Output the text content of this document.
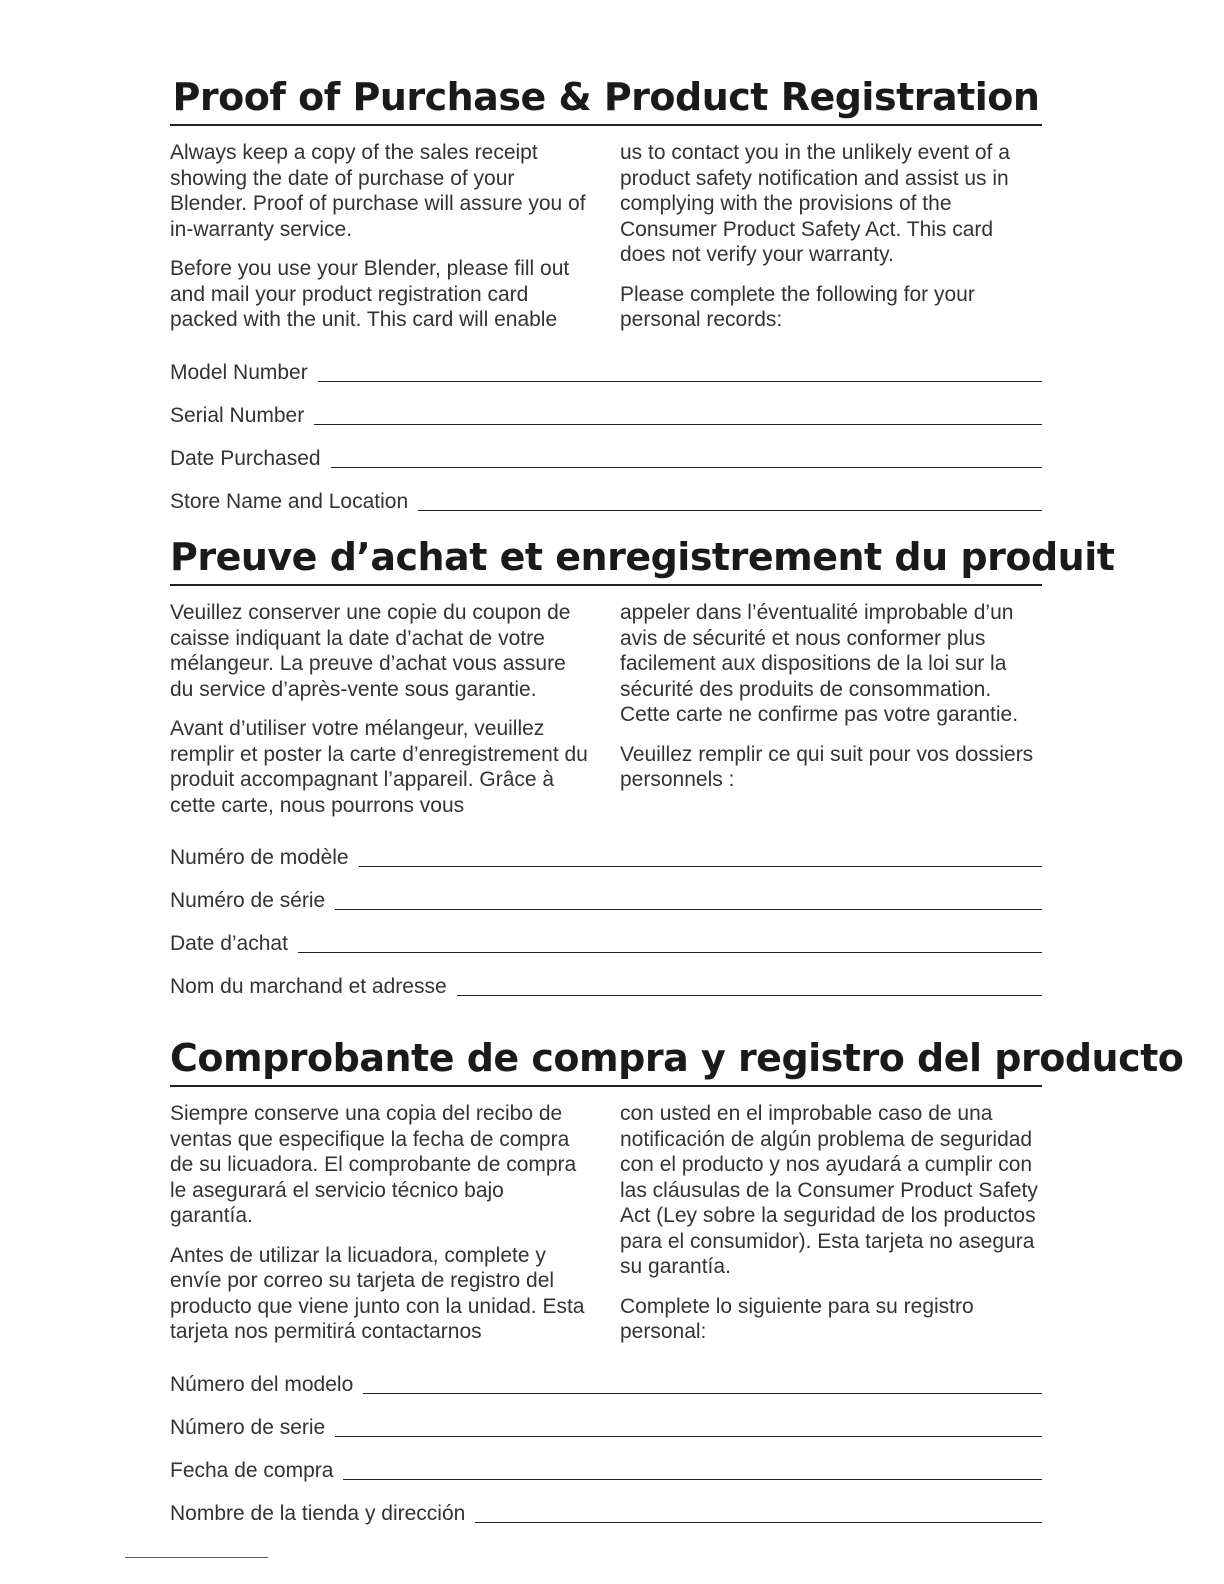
Proof of Purchase & Product Registration

Always keep a copy of the sales receipt showing the date of purchase of your Blender. Proof of purchase will assure you of in-warranty service.

Before you use your Blender, please fill out and mail your product registration card packed with the unit. This card will enable

us to contact you in the unlikely event of a product safety notification and assist us in complying with the provisions of the Consumer Product Safety Act. This card does not verify your warranty.

Please complete the following for your personal records:

Model Number
Serial Number
Date Purchased
Store Name and Location
Preuve d’achat et enregistrement du produit

Veuillez conserver une copie du coupon de caisse indiquant la date d’achat de votre mélangeur. La preuve d’achat vous assure du service d’après-vente sous garantie.

Avant d’utiliser votre mélangeur, veuillez remplir et poster la carte d’enregistrement du produit accompagnant l’appareil. Grâce à cette carte, nous pourrons vous

appeler dans l’éventualité improbable d’un avis de sécurité et nous conformer plus facilement aux dispositions de la loi sur la sécurité des produits de consommation. Cette carte ne confirme pas votre garantie.

Veuillez remplir ce qui suit pour vos dossiers personnels :

Numéro de modèle
Numéro de série
Date d’achat
Nom du marchand et adresse
Comprobante de compra y registro del producto

Siempre conserve una copia del recibo de ventas que especifique la fecha de compra de su licuadora. El comprobante de compra le asegurará el servicio técnico bajo garantía.

Antes de utilizar la licuadora, complete y envíe por correo su tarjeta de registro del producto que viene junto con la unidad. Esta tarjeta nos permitirá contactarnos

con usted en el improbable caso de una notificación de algún problema de seguridad con el producto y nos ayudará a cumplir con las cláusulas de la Consumer Product Safety Act (Ley sobre la seguridad de los productos para el consumidor). Esta tarjeta no asegura su garantía.

Complete lo siguiente para su registro personal:

Número del modelo
Número de serie
Fecha de compra
Nombre de la tienda y dirección
